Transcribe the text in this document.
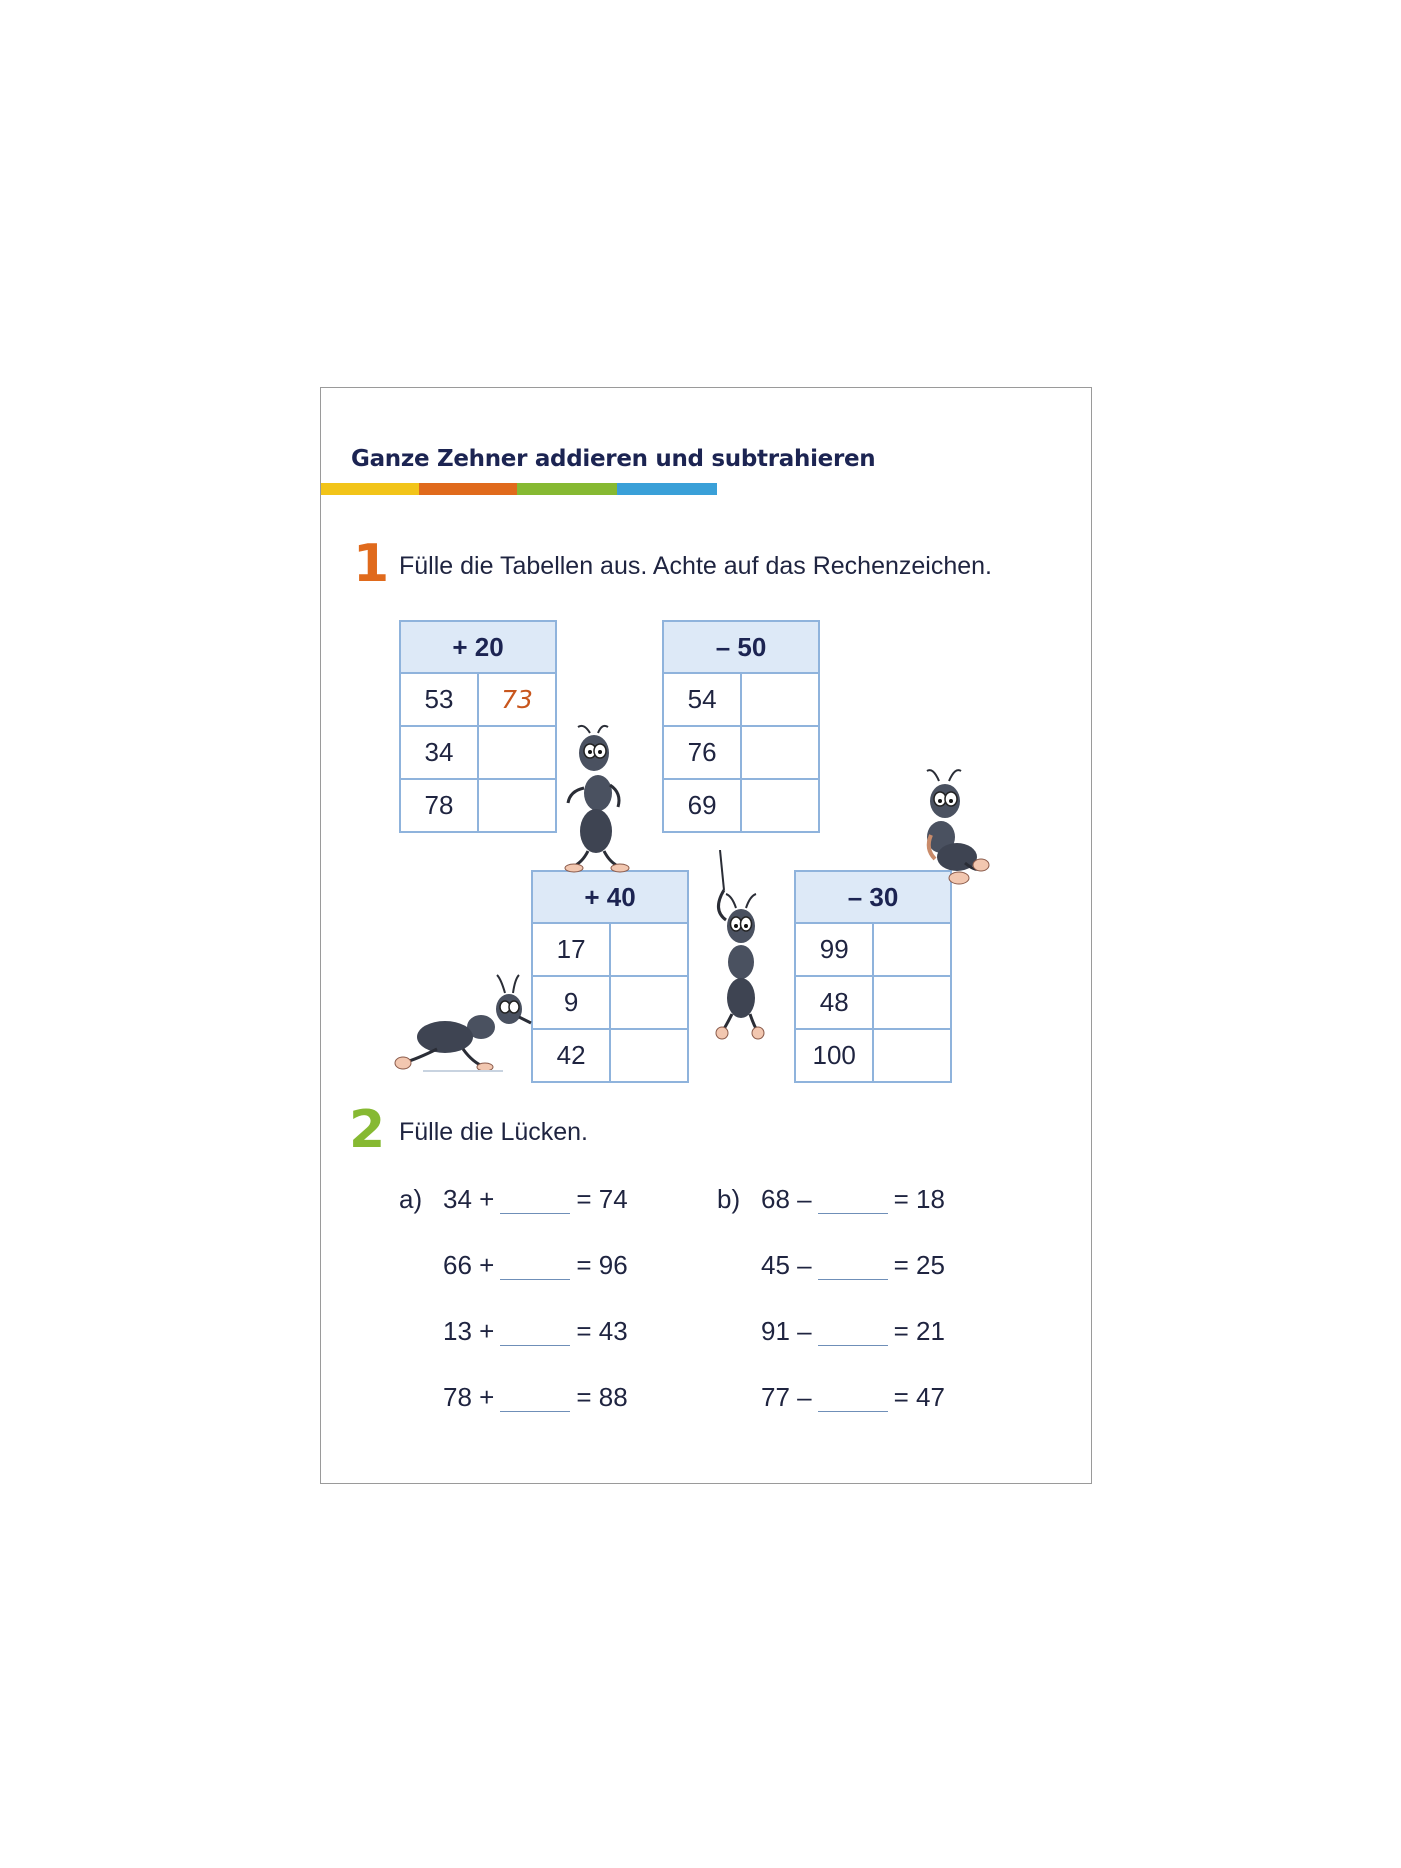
Ganze Zehner addieren und subtrahieren
1 Fülle die Tabellen aus. Achte auf das Rechenzeichen.
+ 20	
53	73
34	
78	
– 50	
54	
76	
69	
+ 40	
17	
9	
42	
– 30	
99	
48	
100	
2 Fülle die Lücken.
a) 34 +	= 74
66 +	= 96
13 +	= 43
78 +	= 88
b) 68 –	= 18
45 –	= 25
91 –	= 21
77 –	= 47
